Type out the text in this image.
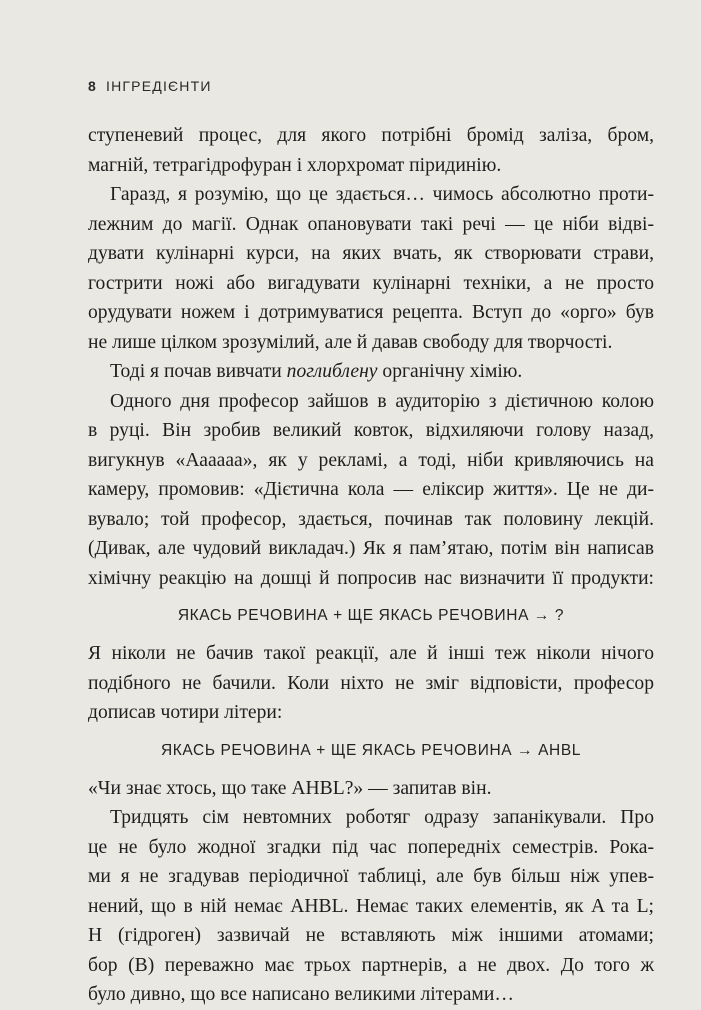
8 ІНГРЕДІЄНТИ
ступеневий процес, для якого потрібні бромід заліза, бром,
магній, тетрагідрофуран і хлорхромат піридинію.
Гаразд, я розумію, що це здається… чимось абсолютно проти-
лежним до магії. Однак опановувати такі речі — це ніби відві-
дувати кулінарні курси, на яких вчать, як створювати страви,
гострити ножі або вигадувати кулінарні техніки, а не просто
орудувати ножем і дотримуватися рецепта. Вступ до «орго» був
не лише цілком зрозумілий, але й давав свободу для творчості.
Тоді я почав вивчати поглиблену органічну хімію.
Одного дня професор зайшов в аудиторію з дієтичною колою
в руці. Він зробив великий ковток, відхиляючи голову назад,
вигукнув «Аааааа», як у рекламі, а тоді, ніби кривляючись на
камеру, промовив: «Дієтична кола — еліксир життя». Це не ди-
вувало; той професор, здається, починав так половину лекцій.
(Дивак, але чудовий викладач.) Як я пам’ятаю, потім він написав
хімічну реакцію на дошці й попросив нас визначити її продукти:
ЯКАСЬ РЕЧОВИНА + ЩЕ ЯКАСЬ РЕЧОВИНА → ?
Я ніколи не бачив такої реакції, але й інші теж ніколи нічого
подібного не бачили. Коли ніхто не зміг відповісти, професор
дописав чотири літери:
ЯКАСЬ РЕЧОВИНА + ЩЕ ЯКАСЬ РЕЧОВИНА → AHBL
«Чи знає хтось, що таке AHBL?» — запитав він.
Тридцять сім невтомних роботяг одразу запанікували. Про
це не було жодної згадки під час попередніх семестрів. Рока-
ми я не згадував періодичної таблиці, але був більш ніж упев-
нений, що в ній немає AHBL. Немає таких елементів, як A та L;
H (гідроген) зазвичай не вставляють між іншими атомами;
бор (B) переважно має трьох партнерів, а не двох. До того ж
було дивно, що все написано великими літерами…
